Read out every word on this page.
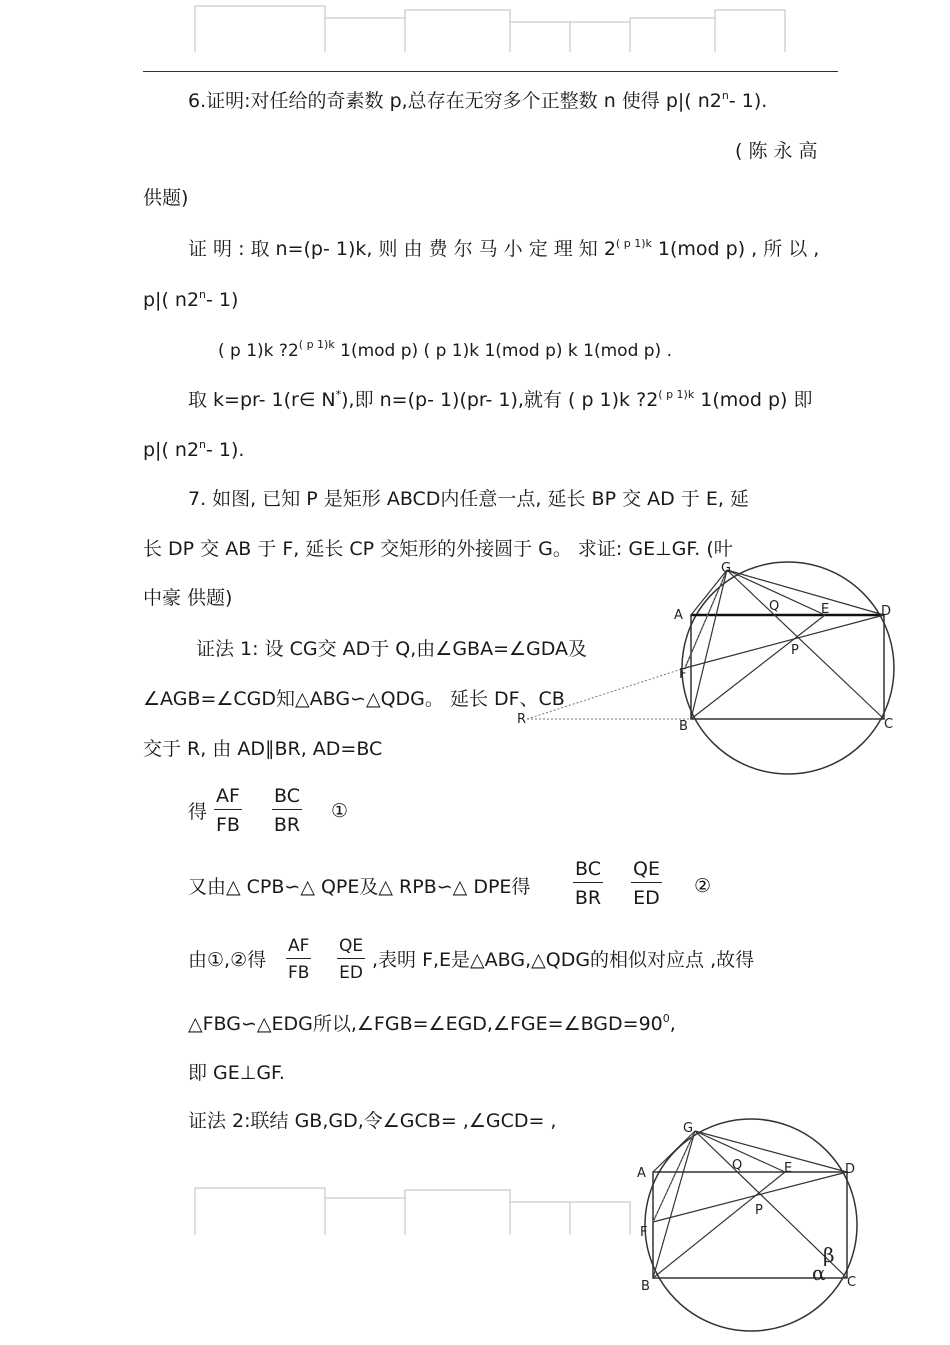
6.证明:对任给的奇素数 p,总存在无穷多个正整数 n 使得 p|( n2$^n$- 1).
( 陈 永 高
供题)
证 明 : 取 n=(p- 1)k, 则 由 费 尔 马 小 定 理 知 $2^{( p 1)k}$ 1(mod p) , 所 以 ,
p|( n2$^n$- 1)
( p 1)k $?2^{( p 1)k}$ 1(mod p) ( p 1)k 1(mod p) k 1(mod p) .
取 k=pr- 1(r∈ N*),即 n=(p- 1)(pr- 1),就有 ( p 1)k $?2^{( p 1)k}$ 1(mod p) 即
p|( n2$^n$- 1).
7. 如图, 已知 P 是矩形 ABCD内任意一点, 延长 BP 交 AD 于 E, 延
长 DP 交 AB 于 F, 延长 CP 交矩形的外接圆于 G。 求证: GE⊥GF. (叶
中豪 供题)
证法 1: 设 CG交 AD于 Q,由∠GBA=∠GDA及
∠AGB=∠CGD知△ABG∽△QDG。 延长 DF、CB
交于 R, 由 AD∥BR, AD=BC
得 $\frac{AF}{FB} \frac{BC}{BR}$ ①
又由△ CPB∽△ QPE及△ RPB∽△ DPE得 $\frac{BC}{BR} \frac{QE}{ED}$ ②
由①,②得 $\frac{AF}{FB} \frac{QE}{ED}$ ,表明 F,E是△ABG,△QDG的相似对应点 ,故得
△FBG∽△EDG所以$,\angle FGB=\angle EGD,\angle FGE=\angle BGD=90^0$,
即 GE⊥GF.
证法 2:联结 GB,GD,令∠GCB= ,∠GCD= ,
G
A
Q	E	D
P
F
R	B	C
G
A
Q	E	D
P
F
B	C
α
β
